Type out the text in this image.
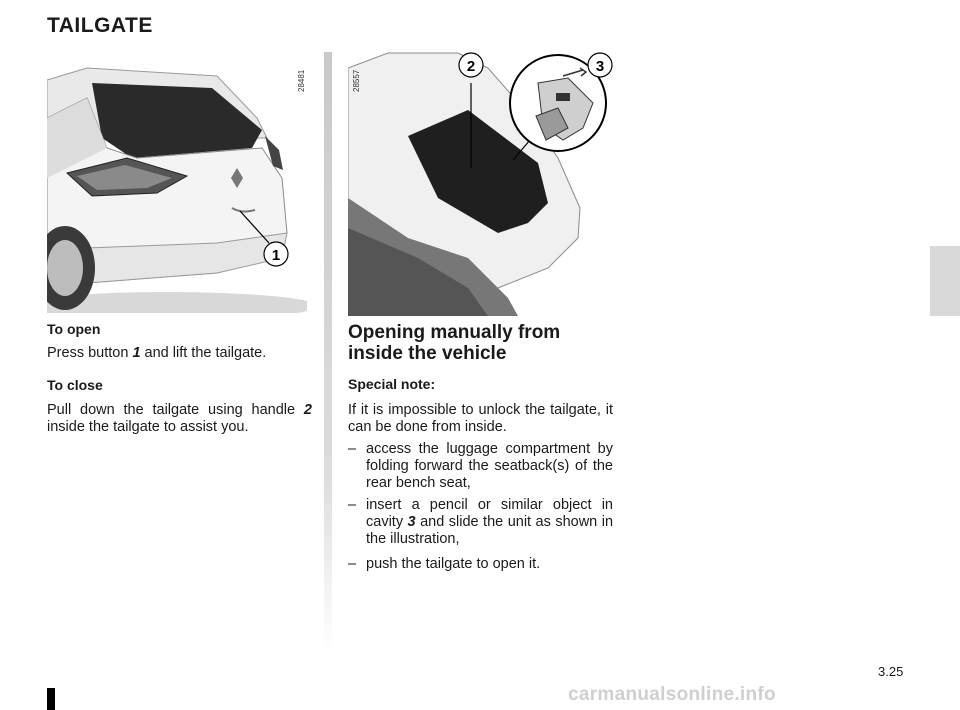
TAILGATE
1
28481
2	3
28557
To open
Press button 1 and lift the tailgate.
To close
Pull down the tailgate using handle 2 inside the tailgate to assist you.
Opening manually from
inside the vehicle
Special note:
If it is impossible to unlock the tailgate, it can be done from inside.
– access the luggage compartment by folding forward the seatback(s) of the rear bench seat,
– insert a pencil or similar object in cavity 3 and slide the unit as shown in the illustration,
– push the tailgate to open it.
3.25
carmanualsonline.info
